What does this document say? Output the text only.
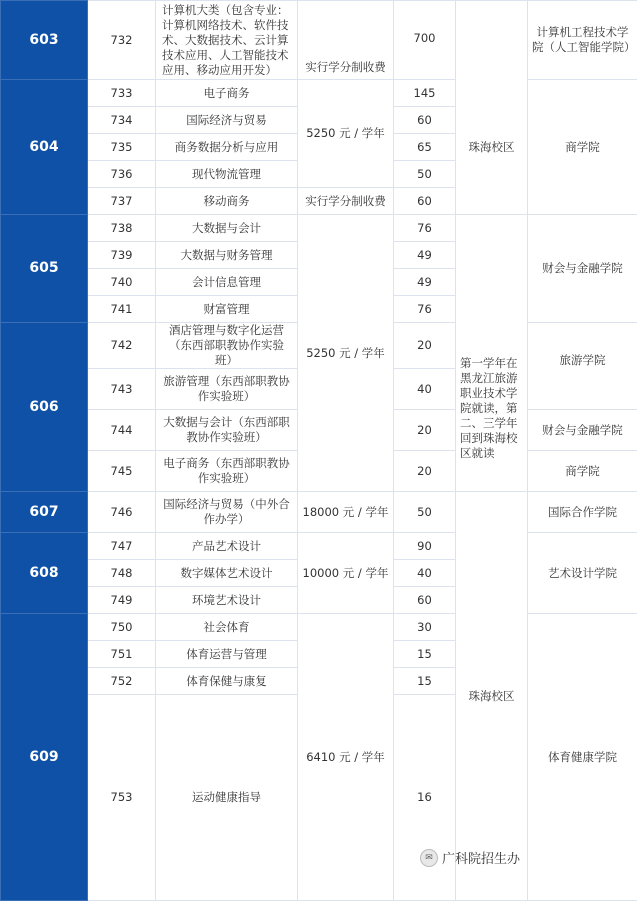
603	732	计算机大类（包含专业：计算机网络技术、软件技术、大数据技术、云计算技术应用、人工智能技术应用、移动应用开发）	实行学分制收费	700	珠海校区	计算机工程技术学院（人工智能学院）
604	733	电子商务	5250 元 / 学年	145		商学院
	734	国际经济与贸易		60		
	735	商务数据分析与应用		65		
	736	现代物流管理		50		
	737	移动商务	实行学分制收费	60		
605	738	大数据与会计	5250 元 / 学年	76	第一学年在黑龙江旅游职业技术学院就读，第二、三学年回到珠海校区就读	财会与金融学院
	739	大数据与财务管理		49		
	740	会计信息管理		49		
	741	财富管理		76		
606	742	酒店管理与数字化运营（东西部职教协作实验班）		20		旅游学院
	743	旅游管理（东西部职教协作实验班）		40		
	744	大数据与会计（东西部职教协作实验班）		20		财会与金融学院
	745	电子商务（东西部职教协作实验班）		20		商学院
607	746	国际经济与贸易（中外合作办学）	18000 元 / 学年	50	珠海校区	国际合作学院
608	747	产品艺术设计	10000 元 / 学年	90		艺术设计学院
	748	数字媒体艺术设计		40		
	749	环境艺术设计		60		
609	750	社会体育	6410 元 / 学年	30		体育健康学院
	751	体育运营与管理		15		
	752	体育保健与康复		15		
	753	运动健康指导		16		
✉ 广科院招生办
